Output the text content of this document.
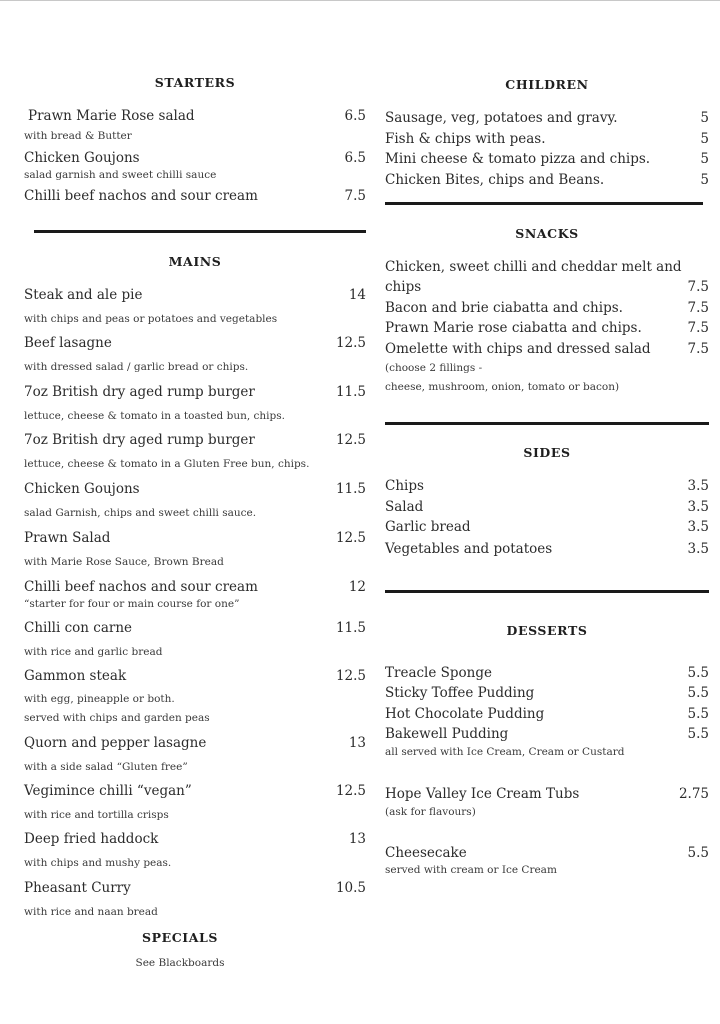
STARTERS
Prawn Marie Rose salad	6.5
with bread & Butter
Chicken Goujons	6.5
salad garnish and sweet chilli sauce
Chilli beef nachos and sour cream	7.5
MAINS
Steak and ale pie	14
with chips and peas or potatoes and vegetables
Beef lasagne	12.5
with dressed salad / garlic bread or chips.
7oz British dry aged rump burger	11.5
lettuce, cheese & tomato in a toasted bun, chips.
7oz British dry aged rump burger	12.5
lettuce, cheese & tomato in a Gluten Free bun, chips.
Chicken Goujons	11.5
salad Garnish, chips and sweet chilli sauce.
Prawn Salad	12.5
with Marie Rose Sauce, Brown Bread
Chilli beef nachos and sour cream	12
“starter for four or main course for one”
Chilli con carne	11.5
with rice and garlic bread
Gammon steak	12.5
with egg, pineapple or both.
served with chips and garden peas
Quorn and pepper lasagne	13
with a side salad “Gluten free”
Vegimince chilli “vegan”	12.5
with rice and tortilla crisps
Deep fried haddock	13
with chips and mushy peas.
Pheasant Curry	10.5
with rice and naan bread
SPECIALS
See Blackboards
CHILDREN
Sausage, veg, potatoes and gravy.	5
Fish & chips with peas.	5
Mini cheese & tomato pizza and chips.	5
Chicken Bites, chips and Beans.	5
SNACKS
Chicken, sweet chilli and cheddar melt and
chips	7.5
Bacon and brie ciabatta and chips.	7.5
Prawn Marie rose ciabatta and chips.	7.5
Omelette with chips and dressed salad	7.5
(choose 2 fillings -
cheese, mushroom, onion, tomato or bacon)
SIDES
Chips	3.5
Salad	3.5
Garlic bread	3.5
Vegetables and potatoes	3.5
DESSERTS
Treacle Sponge	5.5
Sticky Toffee Pudding	5.5
Hot Chocolate Pudding	5.5
Bakewell Pudding	5.5
all served with Ice Cream, Cream or Custard
Hope Valley Ice Cream Tubs	2.75
(ask for flavours)
Cheesecake	5.5
served with cream or Ice Cream
